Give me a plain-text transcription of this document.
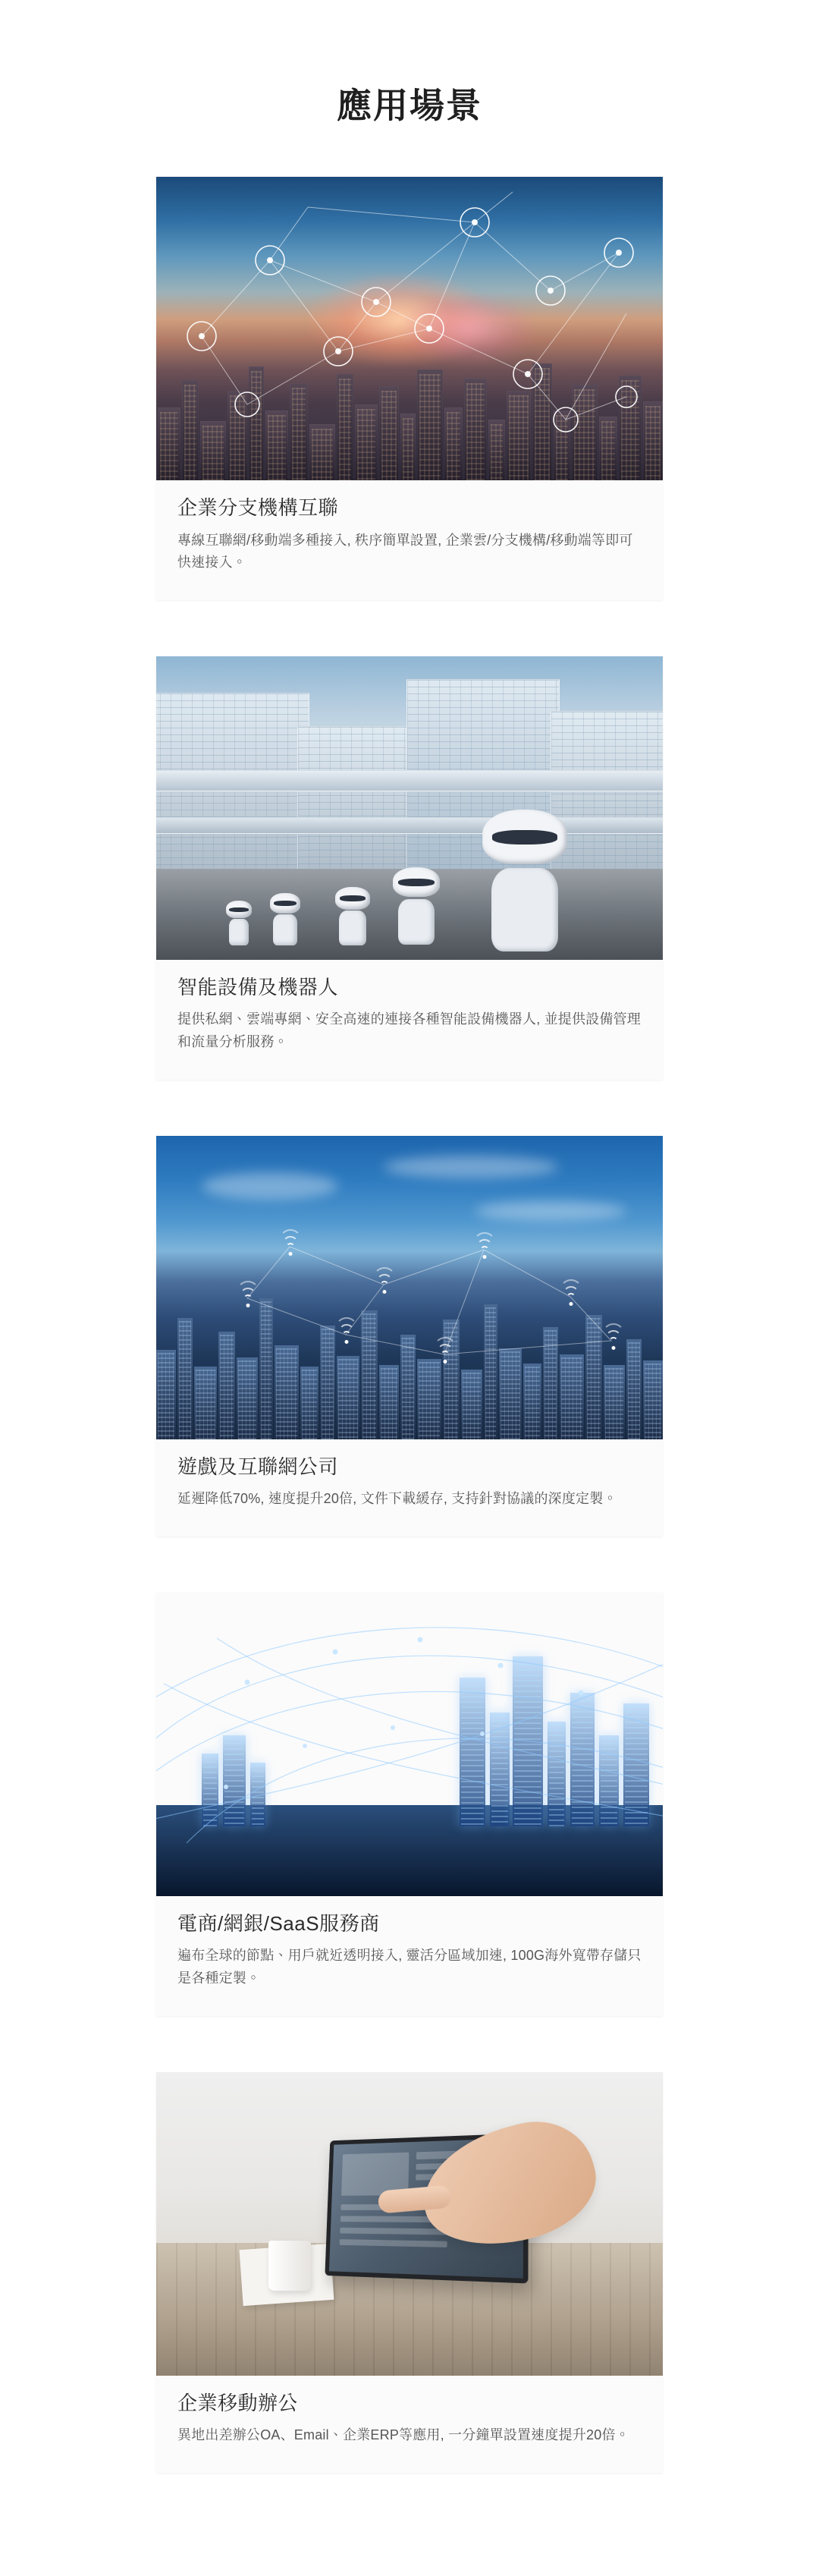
應用場景
企業分支機構互聯

專線互聯網/移動端多種接入, 秩序簡單設置, 企業雲/分支機構/移動端等即可快速接入。

智能設備及機器人

提供私網、雲端專網、安全高速的連接各種智能設備機器人, 並提供設備管理和流量分析服務。

遊戲及互聯網公司

延遲降低70%, 速度提升20倍, 文件下載緩存, 支持針對協議的深度定製。

電商/網銀/SaaS服務商

遍布全球的節點、用戶就近透明接入, 靈活分區域加速, 100G海外寬帶存儲只是各種定製。

企業移動辦公

異地出差辦公OA、Email、企業ERP等應用, 一分鐘單設置速度提升20倍。
